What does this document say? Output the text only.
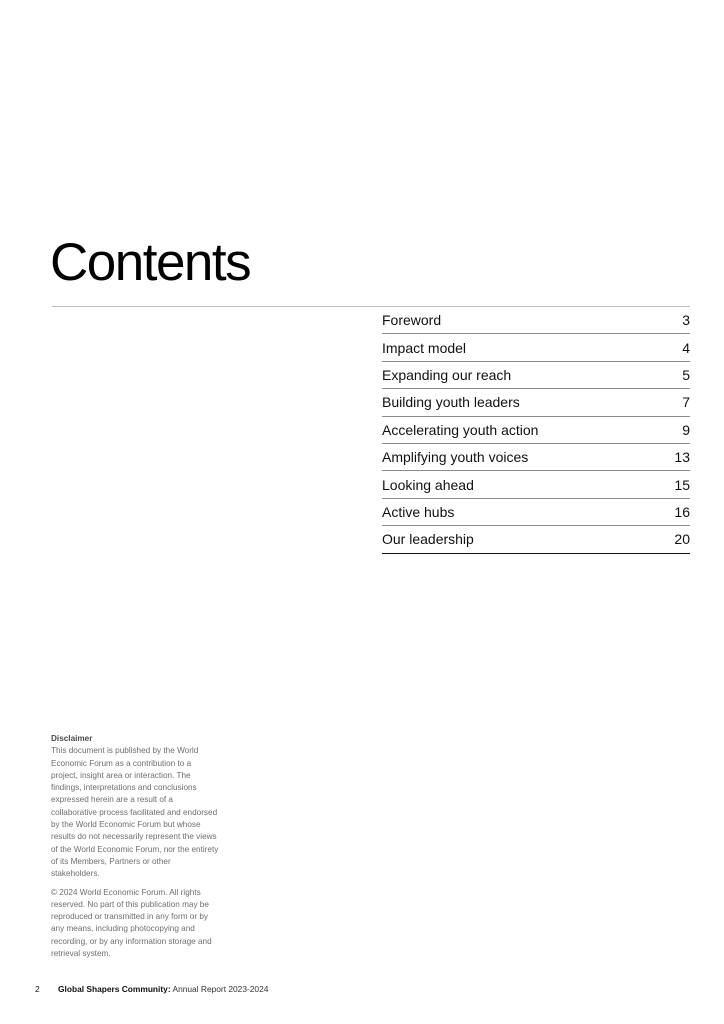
Contents
Foreword	3
Impact model	4
Expanding our reach	5
Building youth leaders	7
Accelerating youth action	9
Amplifying youth voices	13
Looking ahead	15
Active hubs	16
Our leadership	20

Disclaimer
This document is published by the World Economic Forum as a contribution to a project, insight area or interaction. The findings, interpretations and conclusions expressed herein are a result of a collaborative process facilitated and endorsed by the World Economic Forum but whose results do not necessarily represent the views of the World Economic Forum, nor the entirety of its Members, Partners or other stakeholders.

© 2024 World Economic Forum. All rights reserved. No part of this publication may be reproduced or transmitted in any form or by any means, including photocopying and recording, or by any information storage and retrieval system.

2 Global Shapers Community: Annual Report 2023-2024
